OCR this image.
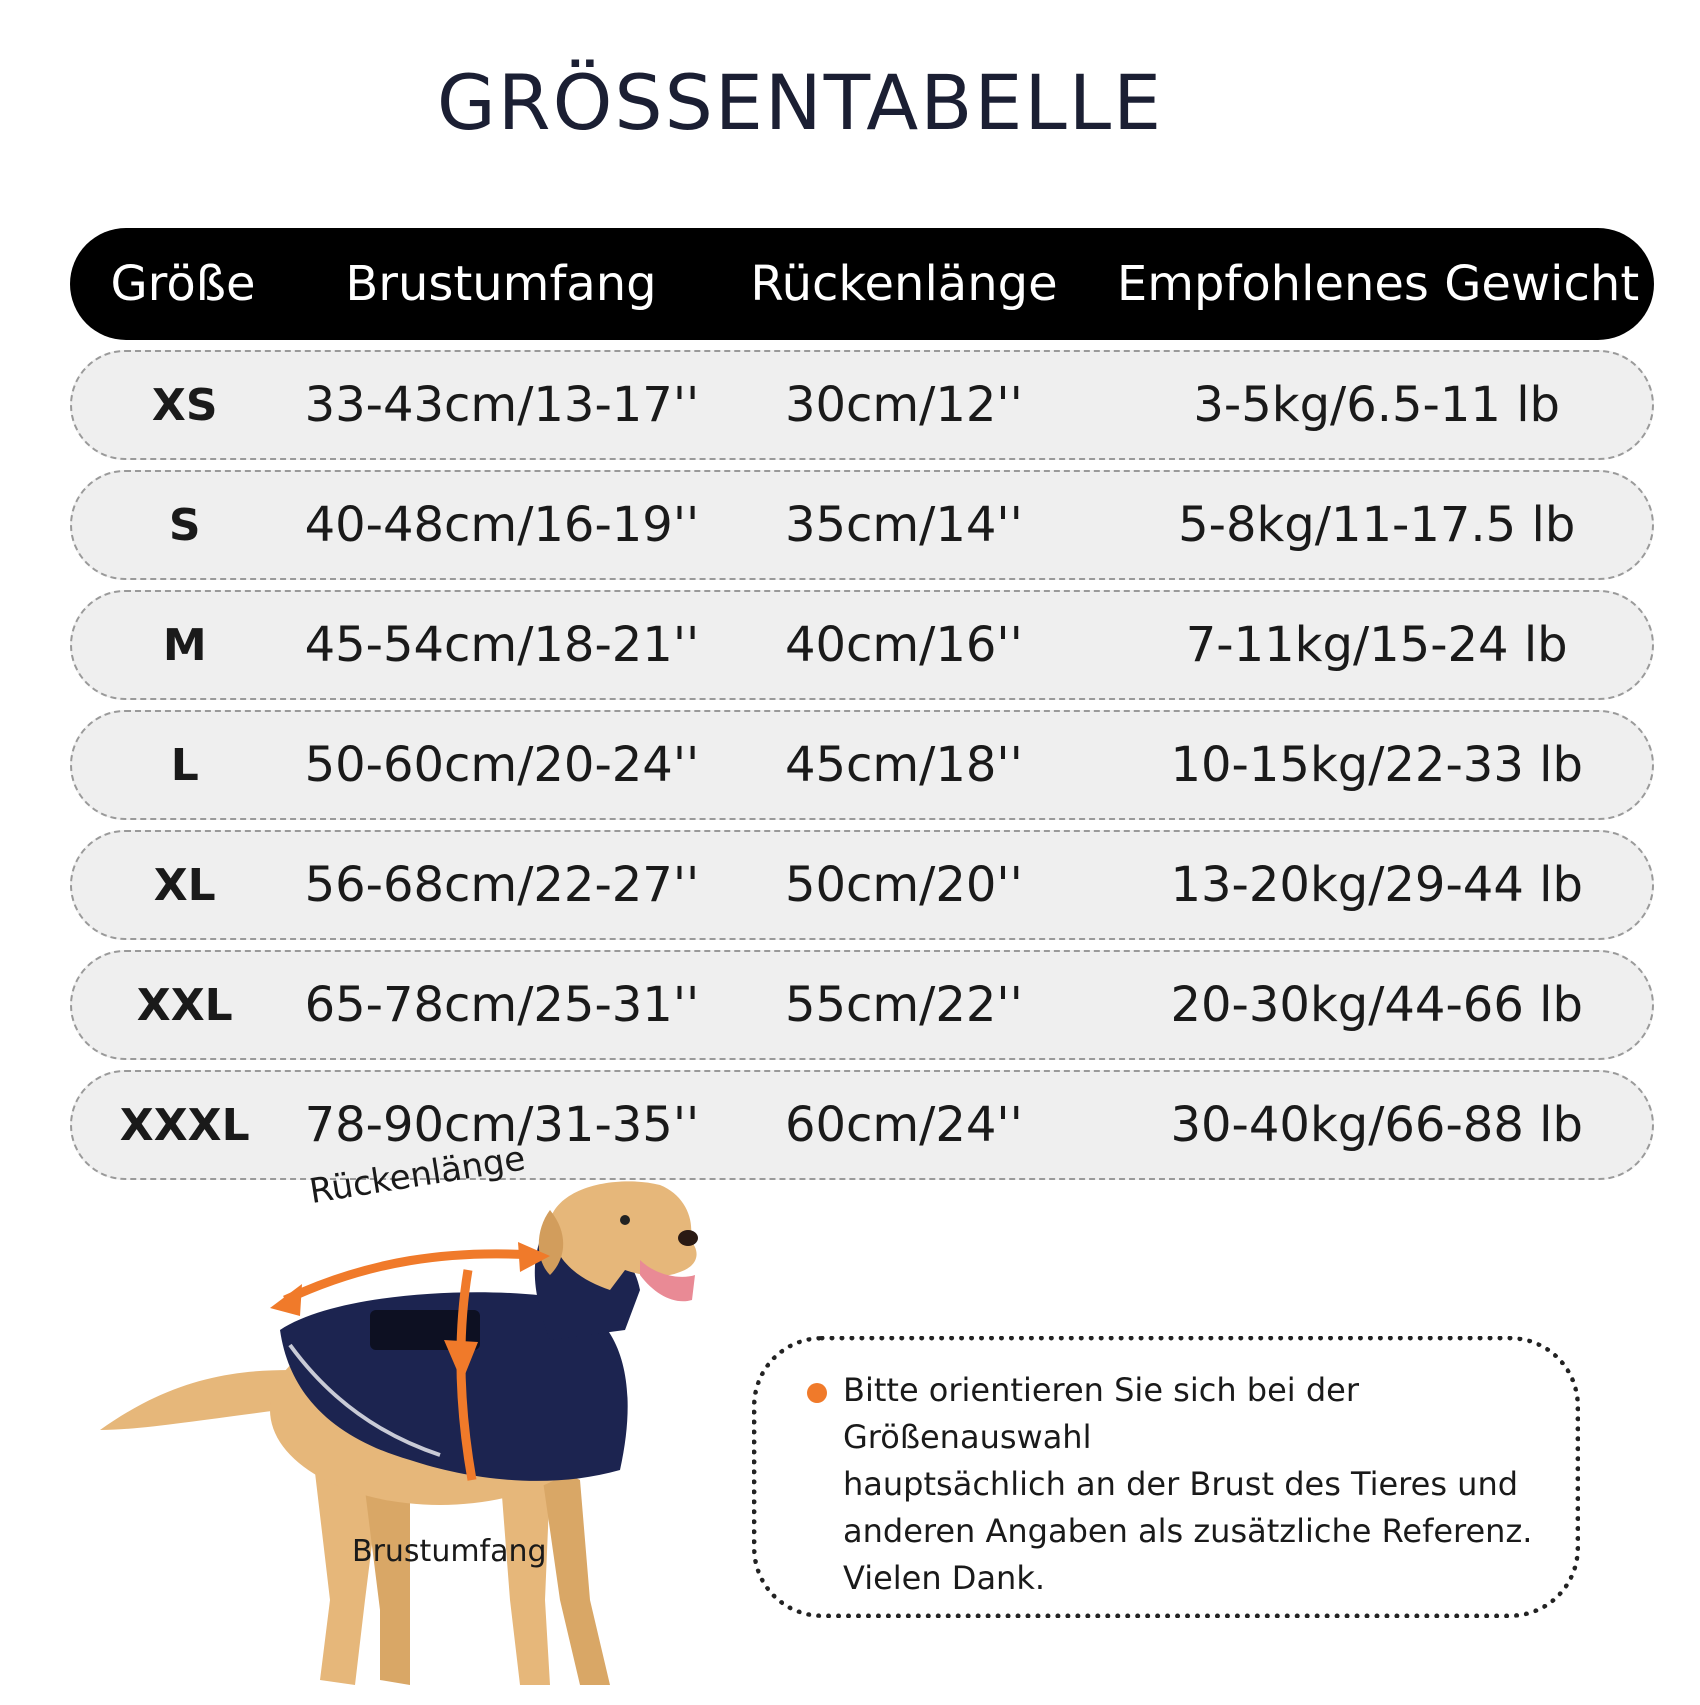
GRÖSSENTABELLE
Größe	Brustumfang	Rückenlänge	Empfohlenes Gewicht
XS	33-43cm/13-17''	30cm/12''	3-5kg/6.5-11 lb
S	40-48cm/16-19''	35cm/14''	5-8kg/11-17.5 lb
M	45-54cm/18-21''	40cm/16''	7-11kg/15-24 lb
L	50-60cm/20-24''	45cm/18''	10-15kg/22-33 lb
XL	56-68cm/22-27''	50cm/20''	13-20kg/29-44 lb
XXL	65-78cm/25-31''	55cm/22''	20-30kg/44-66 lb
XXXL	78-90cm/31-35''	60cm/24''	30-40kg/66-88 lb
Rückenlänge
Brustumfang
Bitte orientieren Sie sich bei der Größenauswahl
hauptsächlich an der Brust des Tieres und
anderen Angaben als zusätzliche Referenz.
Vielen Dank.
